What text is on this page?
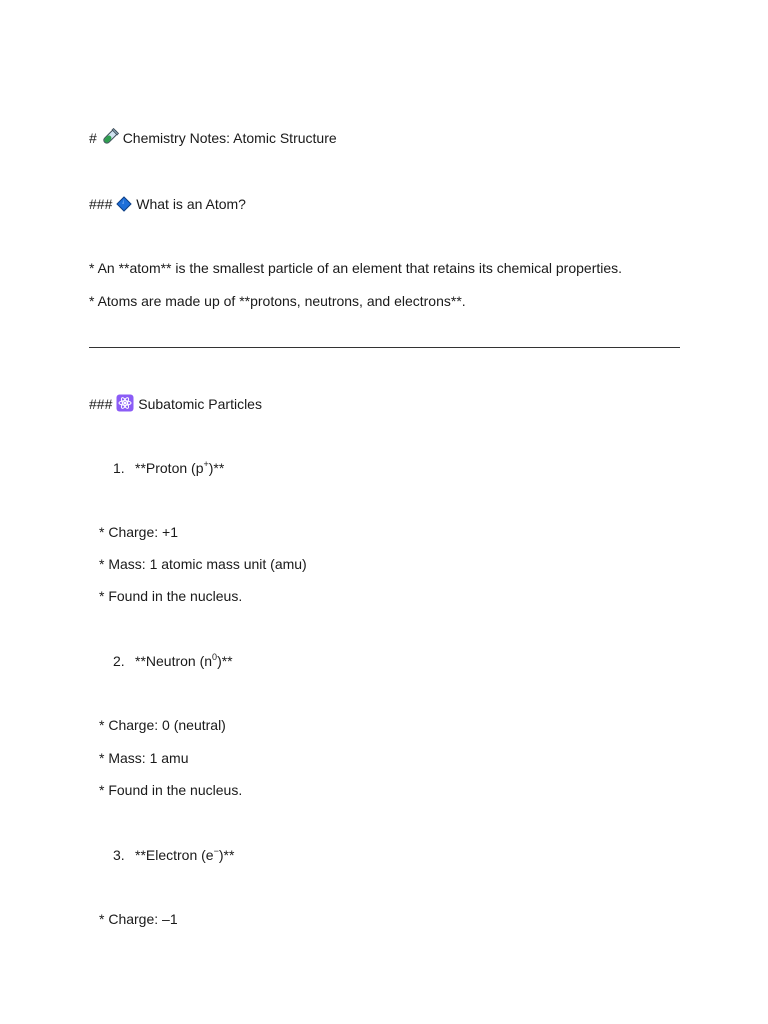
# Chemistry Notes: Atomic Structure
### What is an Atom?
* An **atom** is the smallest particle of an element that retains its chemical properties.
* Atoms are made up of **protons, neutrons, and electrons**.
### Subatomic Particles
1. **Proton (p+)**
* Charge: +1
* Mass: 1 atomic mass unit (amu)
* Found in the nucleus.
2. **Neutron $(n^0)**$
* Charge: 0 (neutral)
* Mass: 1 amu
* Found in the nucleus.
3. **Electron (e−)**
* Charge: –1
